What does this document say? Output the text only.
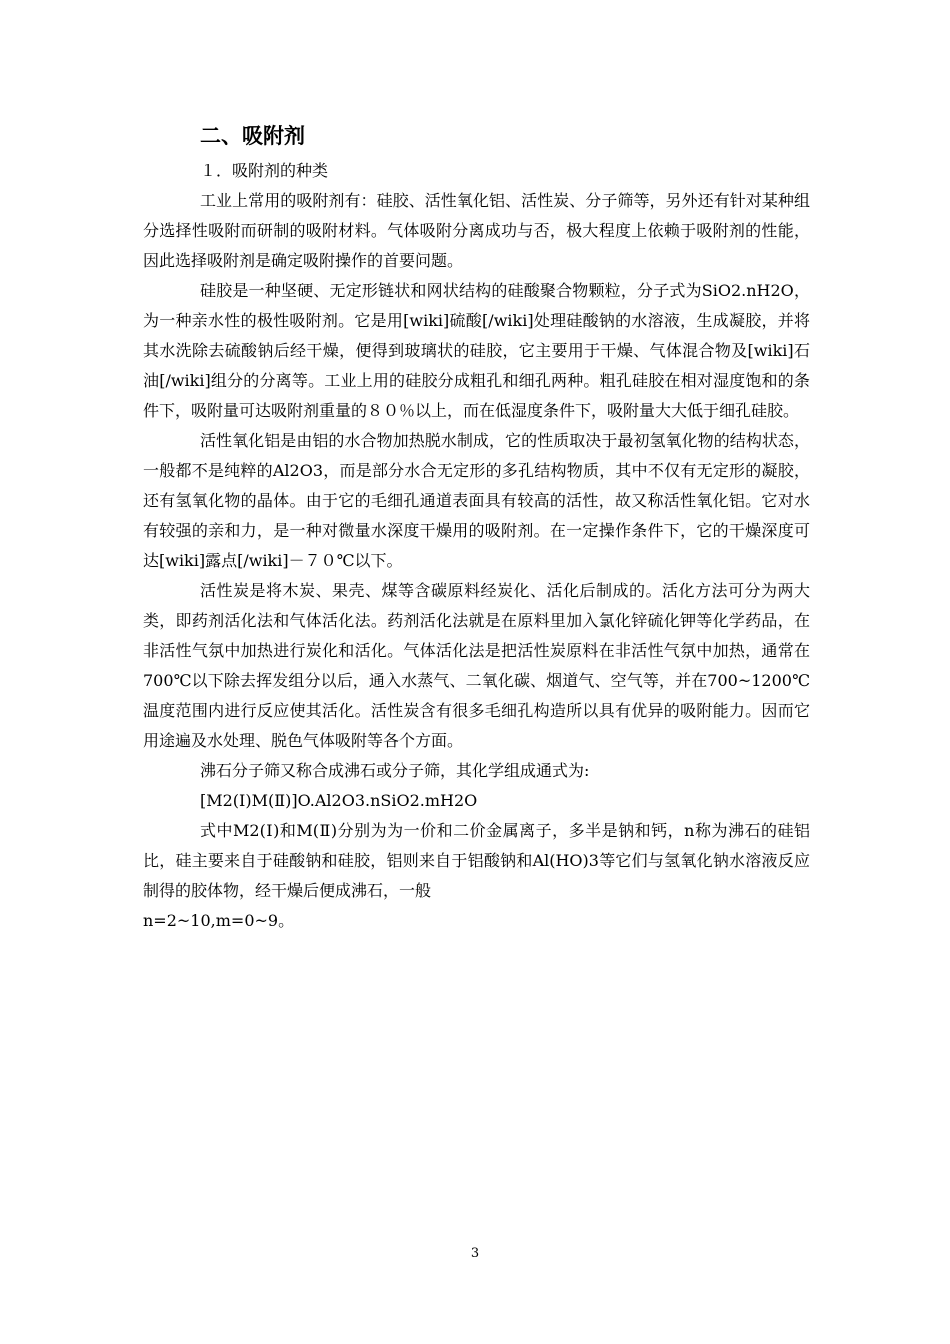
二、吸附剂
１．吸附剂的种类

工业上常用的吸附剂有：硅胶、活性氧化铝、活性炭、分子筛等，另外还有针对某种组分选择性吸附而研制的吸附材料。气体吸附分离成功与否，极大程度上依赖于吸附剂的性能，因此选择吸附剂是确定吸附操作的首要问题。

硅胶是一种坚硬、无定形链状和网状结构的硅酸聚合物颗粒，分子式为SiO2.nH2O，为一种亲水性的极性吸附剂。它是用[wiki]硫酸[/wiki]处理硅酸钠的水溶液，生成凝胶，并将其水洗除去硫酸钠后经干燥，便得到玻璃状的硅胶，它主要用于干燥、气体混合物及[wiki]石油[/wiki]组分的分离等。工业上用的硅胶分成粗孔和细孔两种。粗孔硅胶在相对湿度饱和的条件下，吸附量可达吸附剂重量的８０％以上，而在低湿度条件下，吸附量大大低于细孔硅胶。

活性氧化铝是由铝的水合物加热脱水制成，它的性质取决于最初氢氧化物的结构状态，一般都不是纯粹的Al2O3，而是部分水合无定形的多孔结构物质，其中不仅有无定形的凝胶，还有氢氧化物的晶体。由于它的毛细孔通道表面具有较高的活性，故又称活性氧化铝。它对水有较强的亲和力，是一种对微量水深度干燥用的吸附剂。在一定操作条件下，它的干燥深度可达[wiki]露点[/wiki]－７０℃以下。

活性炭是将木炭、果壳、煤等含碳原料经炭化、活化后制成的。活化方法可分为两大类，即药剂活化法和气体活化法。药剂活化法就是在原料里加入氯化锌硫化钾等化学药品，在非活性气氛中加热进行炭化和活化。气体活化法是把活性炭原料在非活性气氛中加热，通常在700℃以下除去挥发组分以后，通入水蒸气、二氧化碳、烟道气、空气等，并在700~1200℃温度范围内进行反应使其活化。活性炭含有很多毛细孔构造所以具有优异的吸附能力。因而它用途遍及水处理、脱色气体吸附等各个方面。

沸石分子筛又称合成沸石或分子筛，其化学组成通式为:

[M2(Ⅰ)M(Ⅱ)]O.Al2O3.nSiO2.mH2O

式中M2(Ⅰ)和M(Ⅱ)分别为为一价和二价金属离子，多半是钠和钙，n称为沸石的硅铝比，硅主要来自于硅酸钠和硅胶，铝则来自于铝酸钠和Al(HO)3等它们与氢氧化钠水溶液反应制得的胶体物，经干燥后便成沸石，一般

n=2~10,m=0~9。

3
